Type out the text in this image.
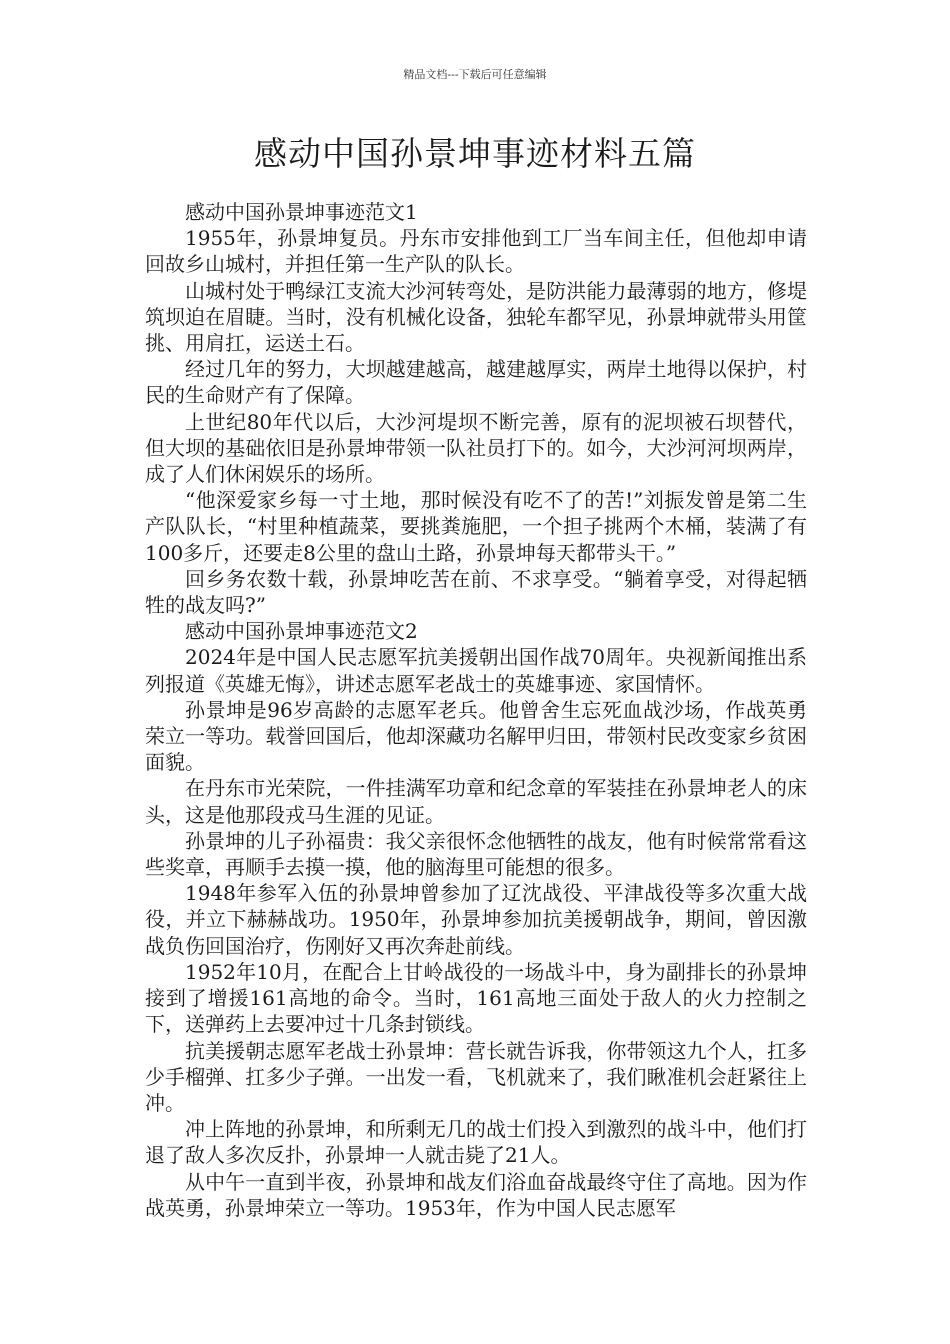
精品文档---下载后可任意编辑
感动中国孙景坤事迹材料五篇

感动中国孙景坤事迹范文1

1955年，孙景坤复员。丹东市安排他到工厂当车间主任，但他却申请回故乡山城村，并担任第一生产队的队长。

山城村处于鸭绿江支流大沙河转弯处，是防洪能力最薄弱的地方，修堤筑坝迫在眉睫。当时，没有机械化设备，独轮车都罕见，孙景坤就带头用筐挑、用肩扛，运送土石。

经过几年的努力，大坝越建越高，越建越厚实，两岸土地得以保护，村民的生命财产有了保障。

上世纪80年代以后，大沙河堤坝不断完善，原有的泥坝被石坝替代，但大坝的基础依旧是孙景坤带领一队社员打下的。如今，大沙河河坝两岸，成了人们休闲娱乐的场所。

“他深爱家乡每一寸土地，那时候没有吃不了的苦!”刘振发曾是第二生产队队长，“村里种植蔬菜，要挑粪施肥，一个担子挑两个木桶，装满了有100多斤，还要走8公里的盘山土路，孙景坤每天都带头干。”

回乡务农数十载，孙景坤吃苦在前、不求享受。“躺着享受，对得起牺牲的战友吗?”

感动中国孙景坤事迹范文2

2024年是中国人民志愿军抗美援朝出国作战70周年。央视新闻推出系列报道《英雄无悔》，讲述志愿军老战士的英雄事迹、家国情怀。

孙景坤是96岁高龄的志愿军老兵。他曾舍生忘死血战沙场，作战英勇荣立一等功。载誉回国后，他却深藏功名解甲归田，带领村民改变家乡贫困面貌。

在丹东市光荣院，一件挂满军功章和纪念章的军装挂在孙景坤老人的床头，这是他那段戎马生涯的见证。

孙景坤的儿子孙福贵：我父亲很怀念他牺牲的战友，他有时候常常看这些奖章，再顺手去摸一摸，他的脑海里可能想的很多。

1948年参军入伍的孙景坤曾参加了辽沈战役、平津战役等多次重大战役，并立下赫赫战功。1950年，孙景坤参加抗美援朝战争，期间，曾因激战负伤回国治疗，伤刚好又再次奔赴前线。

1952年10月，在配合上甘岭战役的一场战斗中，身为副排长的孙景坤接到了增援161高地的命令。当时，161高地三面处于敌人的火力控制之下，送弹药上去要冲过十几条封锁线。

抗美援朝志愿军老战士孙景坤：营长就告诉我，你带领这九个人，扛多少手榴弹、扛多少子弹。一出发一看，飞机就来了，我们瞅准机会赶紧往上冲。

冲上阵地的孙景坤，和所剩无几的战士们投入到激烈的战斗中，他们打退了敌人多次反扑，孙景坤一人就击毙了21人。

从中午一直到半夜，孙景坤和战友们浴血奋战最终守住了高地。因为作战英勇，孙景坤荣立一等功。1953年，作为中国人民志愿军
